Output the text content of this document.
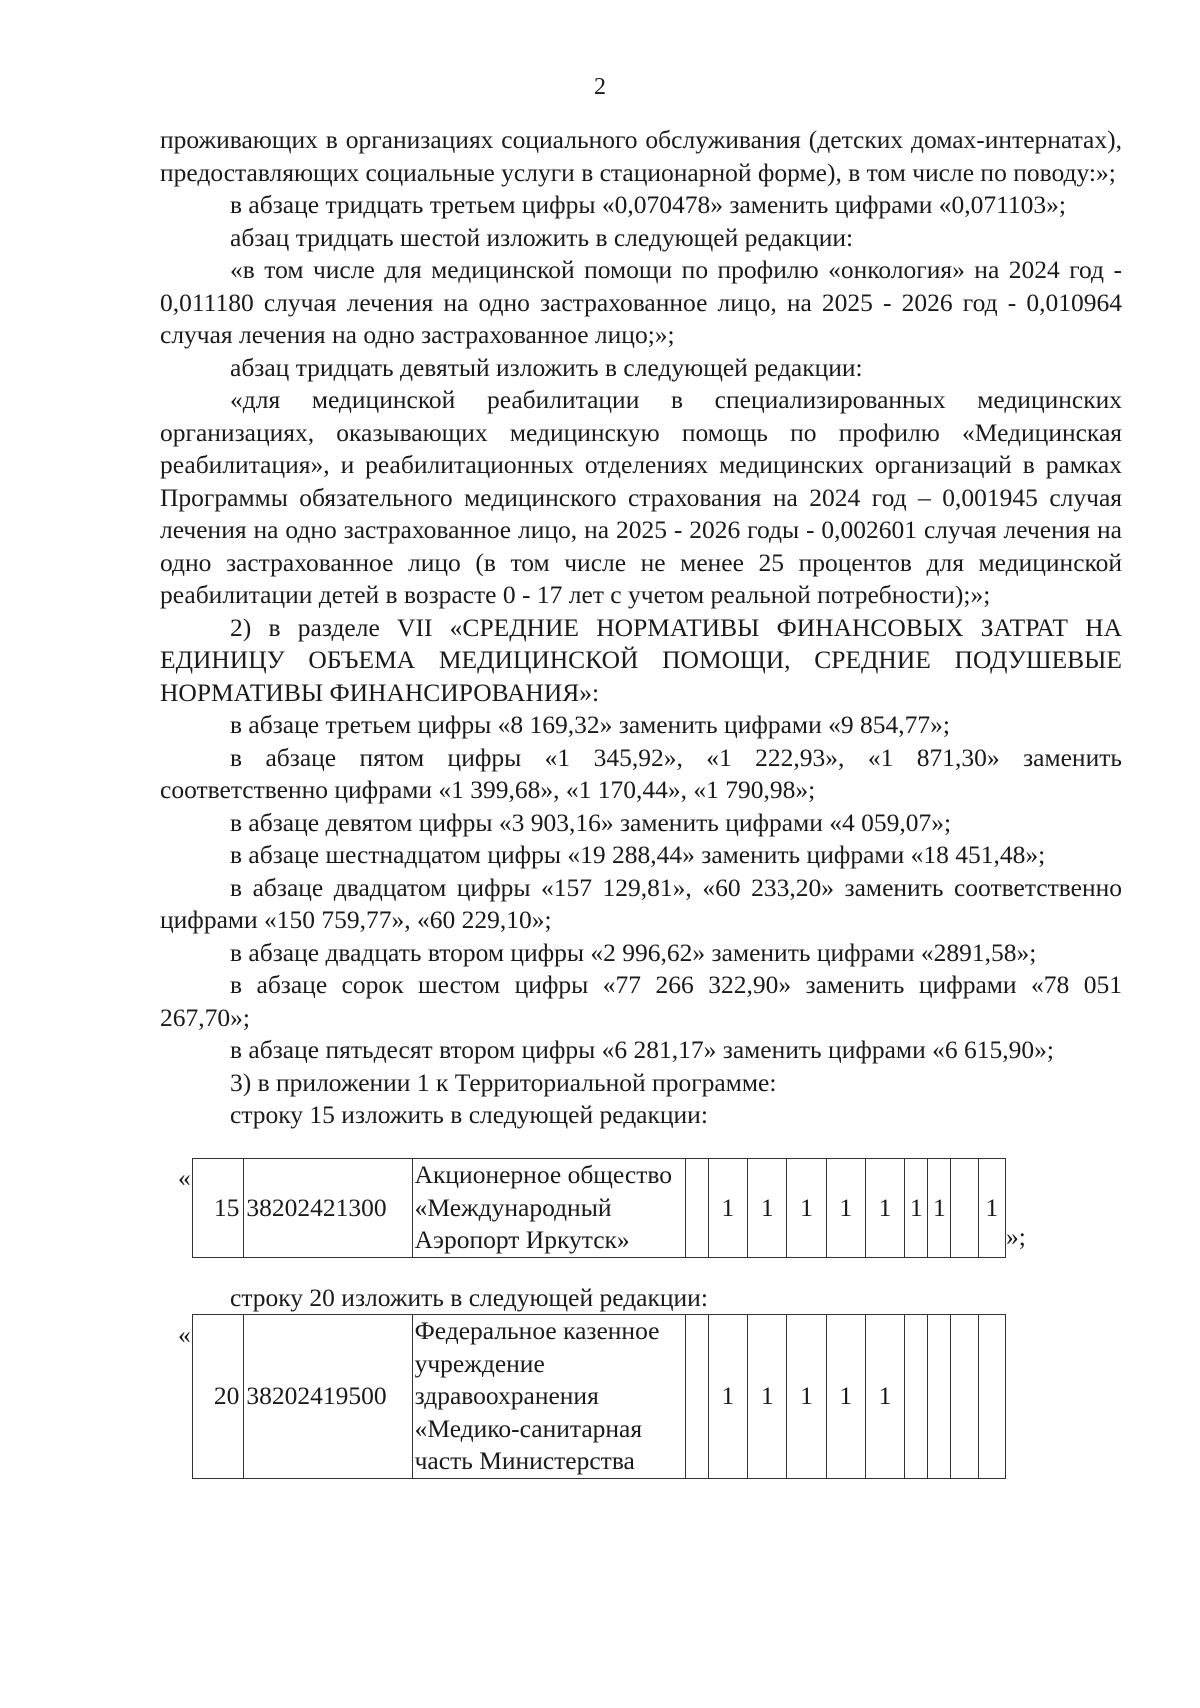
2

проживающих в организациях социального обслуживания (детских домах-интернатах), предоставляющих социальные услуги в стационарной форме), в том числе по поводу:»;

в абзаце тридцать третьем цифры «0,070478» заменить цифрами «0,071103»;

абзац тридцать шестой изложить в следующей редакции:

«в том числе для медицинской помощи по профилю «онкология» на 2024 год - 0,011180 случая лечения на одно застрахованное лицо, на 2025 - 2026 год - 0,010964 случая лечения на одно застрахованное лицо;»;

абзац тридцать девятый изложить в следующей редакции:

«для медицинской реабилитации в специализированных медицинских организациях, оказывающих медицинскую помощь по профилю «Медицинская реабилитация», и реабилитационных отделениях медицинских организаций в рамках Программы обязательного медицинского страхования на 2024 год – 0,001945 случая лечения на одно застрахованное лицо, на 2025 - 2026 годы - 0,002601 случая лечения на одно застрахованное лицо (в том числе не менее 25 процентов для медицинской реабилитации детей в возрасте 0 - 17 лет с учетом реальной потребности);»;

2) в разделе VII «СРЕДНИЕ НОРМАТИВЫ ФИНАНСОВЫХ ЗАТРАТ НА ЕДИНИЦУ ОБЪЕМА МЕДИЦИНСКОЙ ПОМОЩИ, СРЕДНИЕ ПОДУШЕВЫЕ НОРМАТИВЫ ФИНАНСИРОВАНИЯ»:

в абзаце третьем цифры «8 169,32» заменить цифрами «9 854,77»;

в абзаце пятом цифры «1 345,92», «1 222,93», «1 871,30» заменить соответственно цифрами «1 399,68», «1 170,44», «1 790,98»;

в абзаце девятом цифры «3 903,16» заменить цифрами «4 059,07»;

в абзаце шестнадцатом цифры «19 288,44» заменить цифрами «18 451,48»;

в абзаце двадцатом цифры «157 129,81», «60 233,20» заменить соответственно цифрами «150 759,77», «60 229,10»;

в абзаце двадцать втором цифры «2 996,62» заменить цифрами «2891,58»;

в абзаце сорок шестом цифры «77 266 322,90» заменить цифрами «78 051 267,70»;

в абзаце пятьдесят втором цифры «6 281,17» заменить цифрами «6 615,90»;

3) в приложении 1 к Территориальной программе:

строку 15 изложить в следующей редакции:

«
15	38202421300	Акционерное общество «Международный Аэропорт Иркутск»		1	1	1	1	1	1	1		1
»;
строку 20 изложить в следующей редакции:
«
20	38202419500	Федеральное казенное учреждение здравоохранения «Медико-санитарная часть Министерства		1	1	1	1	1				
